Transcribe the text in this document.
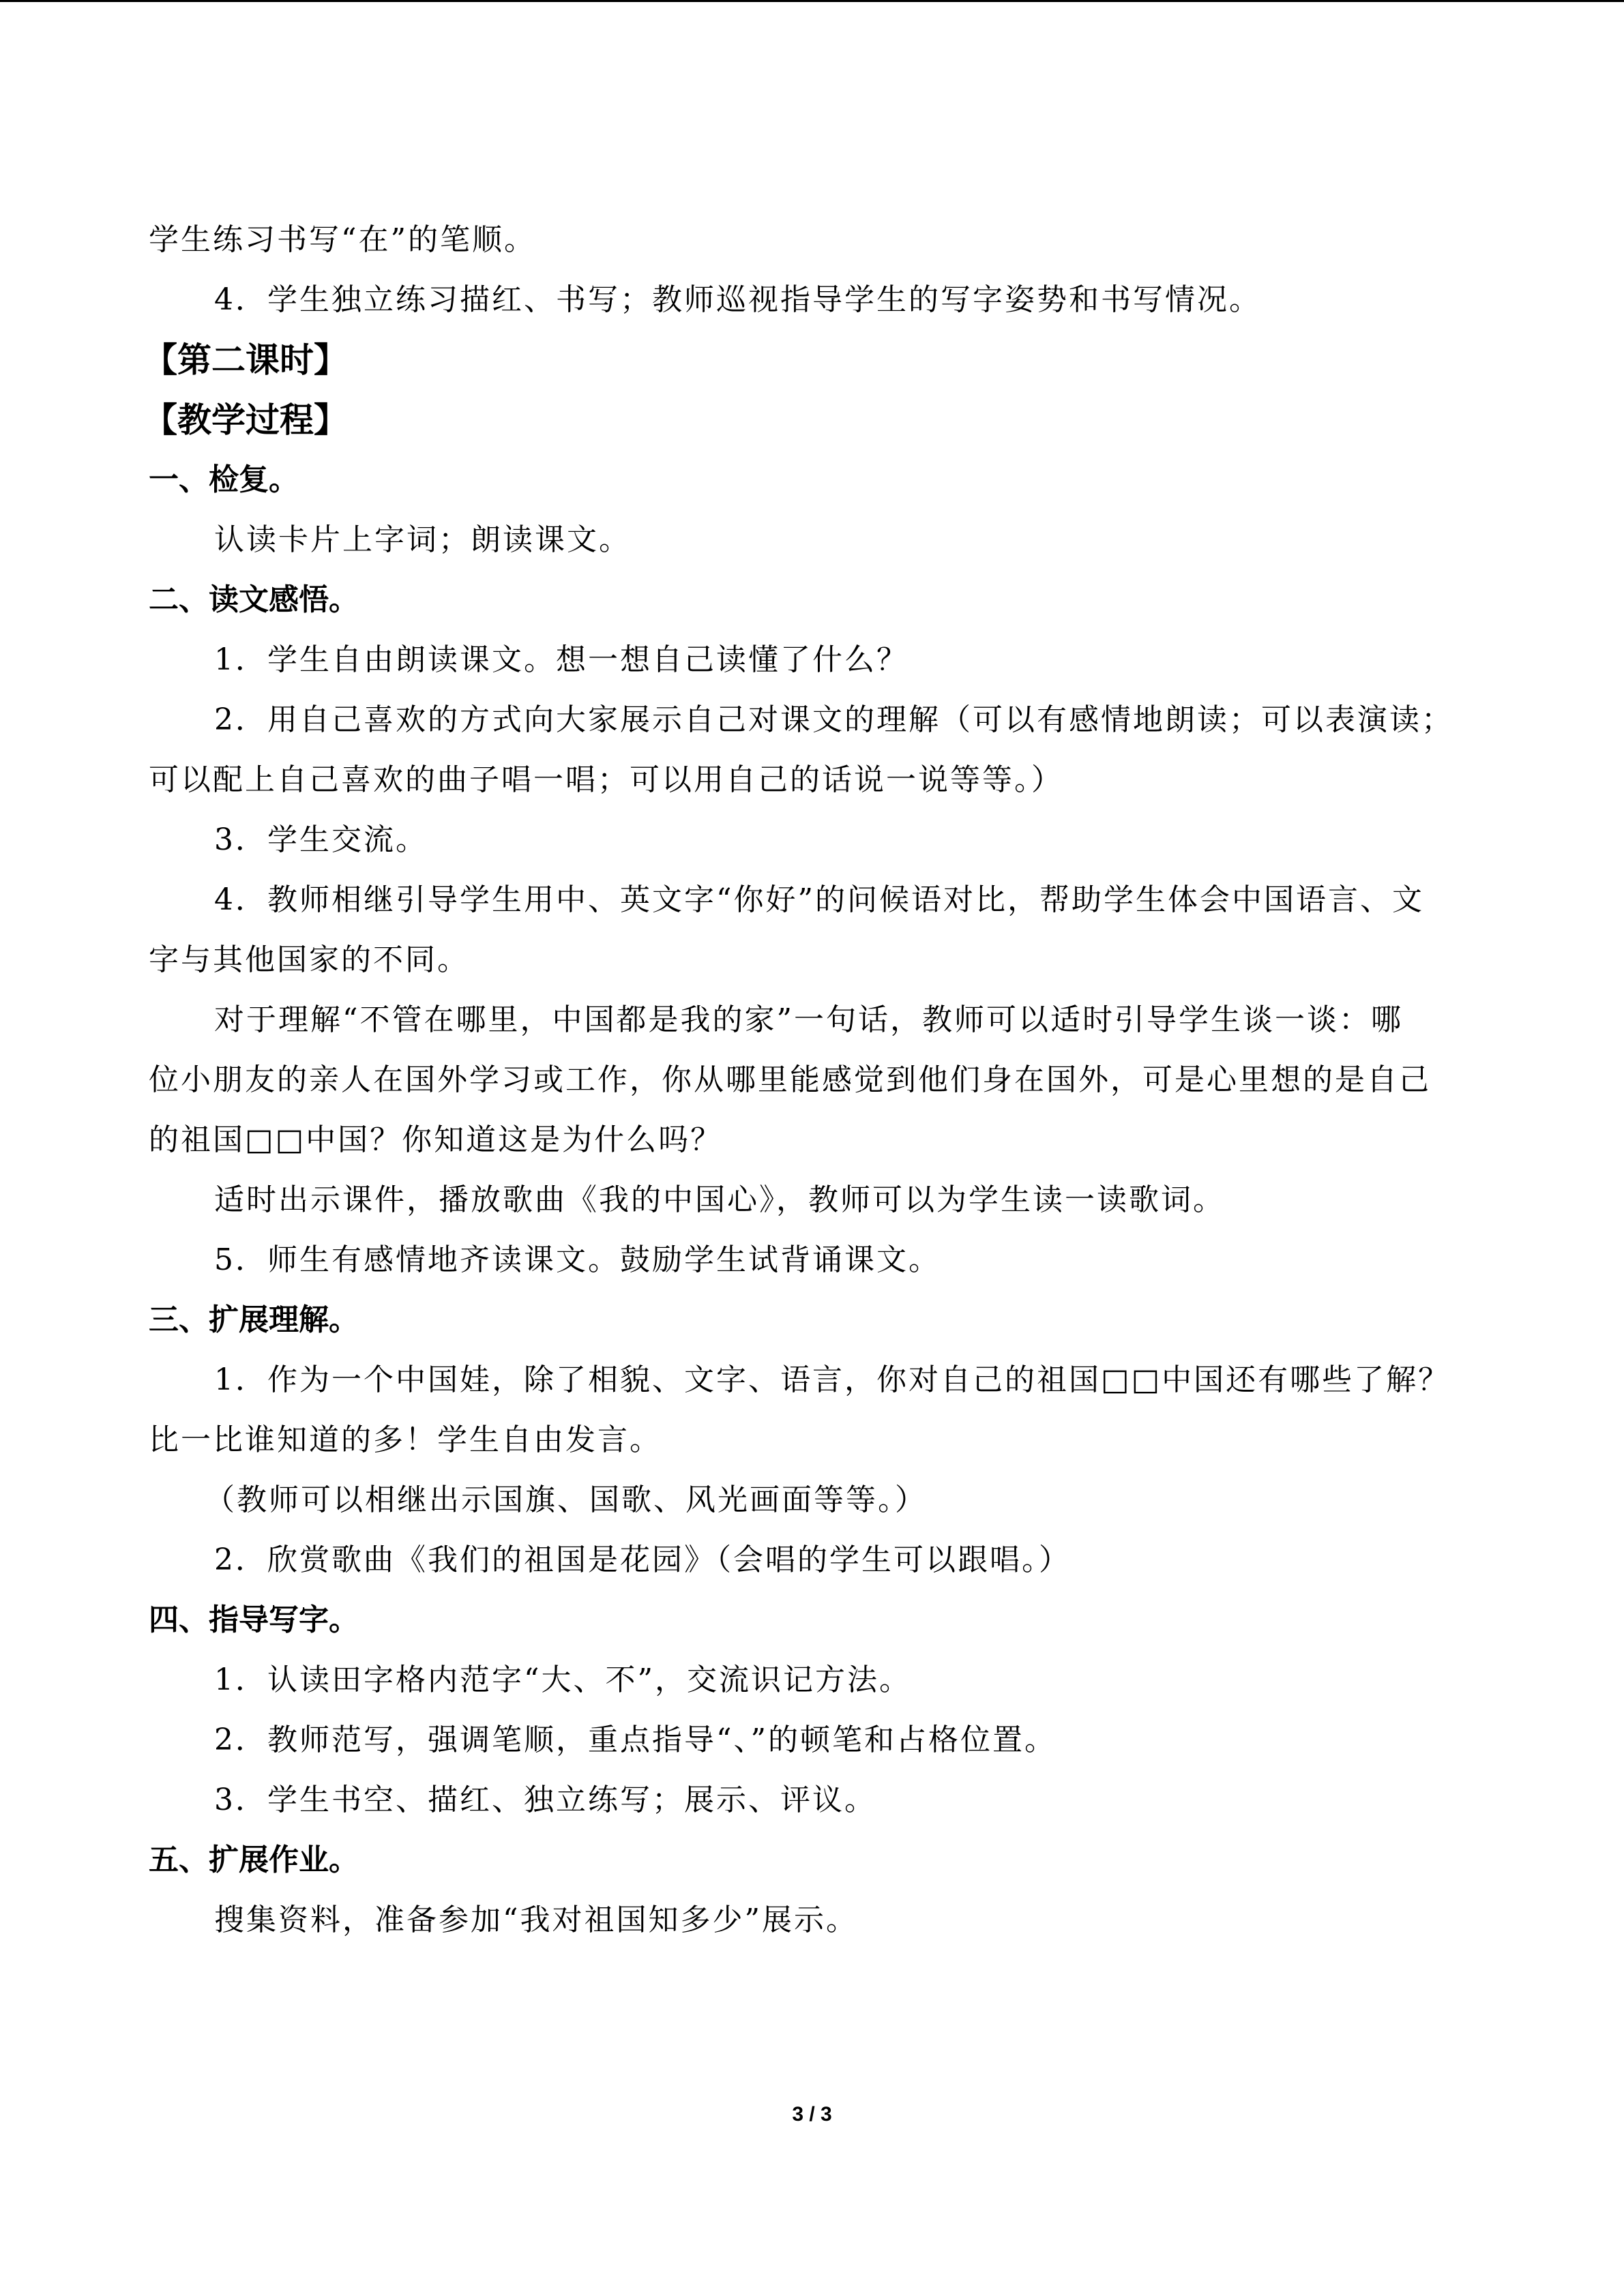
学生练习书写“在”的笔顺。
4．学生独立练习描红、书写；教师巡视指导学生的写字姿势和书写情况。
【第二课时】
【教学过程】
一、检复。
认读卡片上字词；朗读课文。
二、读文感悟。
1．学生自由朗读课文。想一想自己读懂了什么？
2．用自己喜欢的方式向大家展示自己对课文的理解（可以有感情地朗读；可以表演读；
可以配上自己喜欢的曲子唱一唱；可以用自己的话说一说等等。）
3．学生交流。
4．教师相继引导学生用中、英文字“你好”的问候语对比，帮助学生体会中国语言、文
字与其他国家的不同。
对于理解“不管在哪里，中国都是我的家”一句话，教师可以适时引导学生谈一谈：哪
位小朋友的亲人在国外学习或工作，你从哪里能感觉到他们身在国外，可是心里想的是自己
的祖国□□中国？你知道这是为什么吗？
适时出示课件，播放歌曲《我的中国心》，教师可以为学生读一读歌词。
5．师生有感情地齐读课文。鼓励学生试背诵课文。
三、扩展理解。
1．作为一个中国娃，除了相貌、文字、语言，你对自己的祖国□□中国还有哪些了解？
比一比谁知道的多！学生自由发言。
（教师可以相继出示国旗、国歌、风光画面等等。）
2．欣赏歌曲《我们的祖国是花园》（会唱的学生可以跟唱。）
四、指导写字。
1．认读田字格内范字“大、不”，交流识记方法。
2．教师范写，强调笔顺，重点指导“、”的顿笔和占格位置。
3．学生书空、描红、独立练写；展示、评议。
五、扩展作业。
搜集资料，准备参加“我对祖国知多少”展示。
3 / 3
